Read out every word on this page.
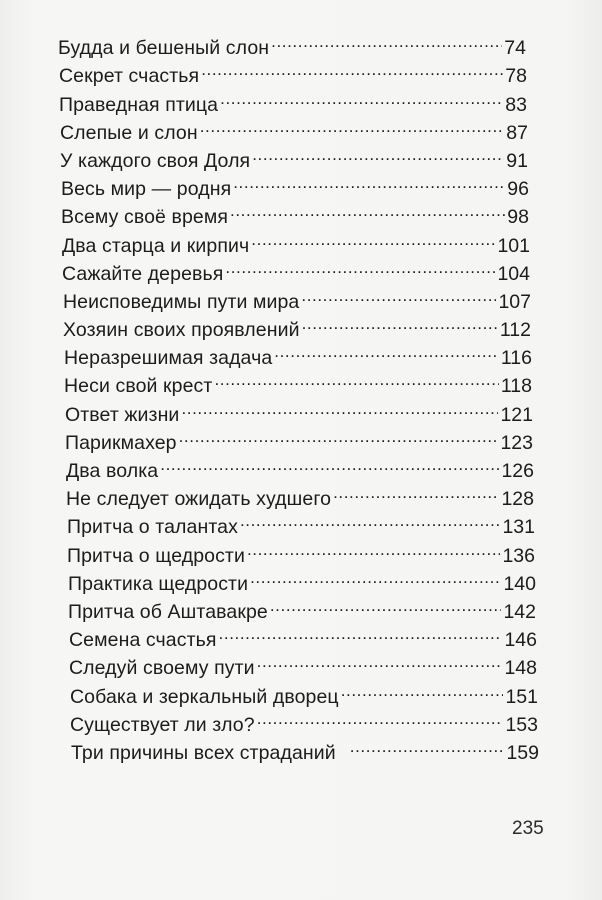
Будда и бешеный слон .....	74
Секрет счастья .....	78
Праведная птица .....	83
Слепые и слон .....	87
У каждого своя Доля .....	91
Весь мир — родня .....	96
Всему своё время .....	98
Два старца и кирпич .....	101
Сажайте деревья .....	104
Неисповедимы пути мира .....	107
Хозяин своих проявлений .....	112
Неразрешимая задача .....	116
Неси свой крест .....	118
Ответ жизни .....	121
Парикмахер .....	123
Два волка .....	126
Не следует ожидать худшего .....	128
Притча о талантах .....	131
Притча о щедрости .....	136
Практика щедрости .....	140
Притча об Аштавакре .....	142
Семена счастья .....	146
Следуй своему пути .....	148
Собака и зеркальный дворец .....	151
Существует ли зло? .....	153
Три причины всех страданий .....	159
235
